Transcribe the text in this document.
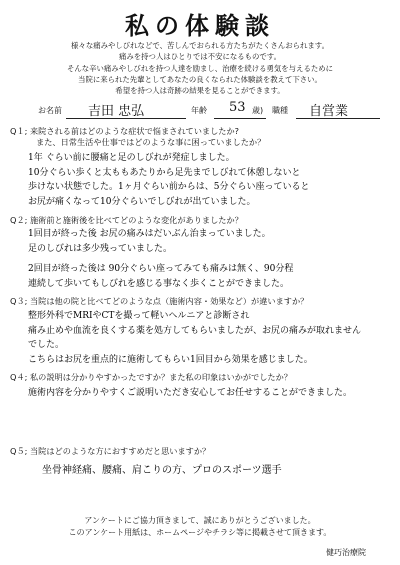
私の体験談
様々な痛みやしびれなどで、苦しんでおられる方たちがたくさんおられます。
痛みを持つ人はひとりでは不安になるものです。
そんな辛い痛みやしびれを持つ人達を励まし、治療を続ける勇気を与えるために
当院に来られた先輩としてあなたの良くなられた体験談を教えて下さい。
希望を持つ人は奇跡の結果を見ることができます。
お名前 吉田 忠弘	年齢 53 歳) 職種 自営業
Q１; 来院される前はどのような症状で悩まされていましたか?
また、日常生活や仕事ではどのような事に困っていましたか？
1年 ぐらい前に腰痛と足のしびれが発症しました。
10分ぐらい歩くと太ももあたりから足先までしびれて休憩しないと
歩けない状態でした。1ヶ月ぐらい前からは、5分ぐらい座っていると
お尻が痛くなって10分ぐらいでしびれが出ていました。
Q２; 施術前と施術後を比べてどのような変化がありましたか？
1回目が終った後 お尻の痛みはだいぶん治まっていました。
足のしびれは多少残っていました。
2回目が終った後は 90分ぐらい座ってみても痛みは無く、90分程
連続して歩いてもしびれを感じる事なく歩くことができました。
Q３; 当院は他の院と比べてどのような点（施術内容・効果など）が違いますか？
整形外科でMRIやCTを撮って軽いヘルニアと診断され
痛み止めや血流を良くする薬を処方してもらいましたが、お尻の痛みが取れません
でした。
こちらはお尻を重点的に施術してもらい1回目から効果を感じました。
Q４; 私の説明は分かりやすかったですか？また私の印象はいかがでしたか？
施術内容を分かりやすくご説明いただき安心してお任せすることができました。
Q５; 当院はどのような方におすすめだと思いますか？
坐骨神経痛、腰痛、肩こりの方、プロのスポーツ選手
アンケートにご協力頂きまして、誠にありがとうございました。
このアンケート用紙は、ホームページやチラシ等に掲載させて頂きます。
健巧治療院
